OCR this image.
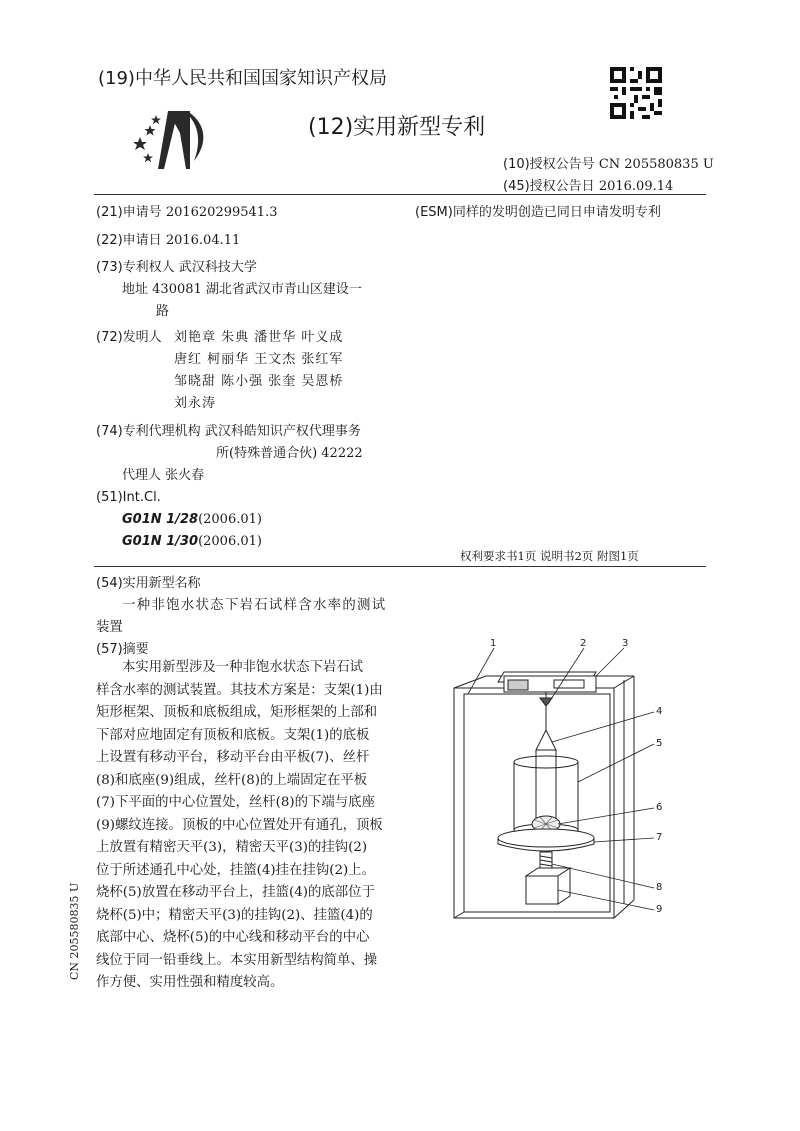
(19)中华人民共和国国家知识产权局
(12)实用新型专利
(10)授权公告号 CN 205580835 U
(45)授权公告日 2016.09.14
(21)申请号 201620299541.3	(ESM)同样的发明创造已同日申请发明专利
(22)申请日 2016.04.11
(73)专利权人 武汉科技大学
地址 430081 湖北省武汉市青山区建设一
路
(72)发明人 刘艳章 朱典 潘世华 叶义成
唐红 柯丽华 王文杰 张红军
邹晓甜 陈小强 张奎 吴恩桥
刘永涛
(74)专利代理机构 武汉科皓知识产权代理事务
所(特殊普通合伙) 42222
代理人 张火春
(51)Int.Cl.
G01N 1/28(2006.01)
G01N 1/30(2006.01)
权利要求书1页 说明书2页 附图1页
(54)实用新型名称
一种非饱水状态下岩石试样含水率的测试
装置
(57)摘要
本实用新型涉及一种非饱水状态下岩石试
样含水率的测试装置。其技术方案是：支架(1)由
矩形框架、顶板和底板组成，矩形框架的上部和
下部对应地固定有顶板和底板。支架(1)的底板
上设置有移动平台，移动平台由平板(7)、丝杆
(8)和底座(9)组成，丝杆(8)的上端固定在平板
(7)下平面的中心位置处，丝杆(8)的下端与底座
(9)螺纹连接。顶板的中心位置处开有通孔，顶板
上放置有精密天平(3)，精密天平(3)的挂钩(2)
位于所述通孔中心处，挂篮(4)挂在挂钩(2)上。
烧杯(5)放置在移动平台上，挂篮(4)的底部位于
烧杯(5)中；精密天平(3)的挂钩(2)、挂篮(4)的
底部中心、烧杯(5)的中心线和移动平台的中心
线位于同一铅垂线上。本实用新型结构简单、操
作方便、实用性强和精度较高。
1	2	3
4
5
6
7
8
9
CN 205580835 U
